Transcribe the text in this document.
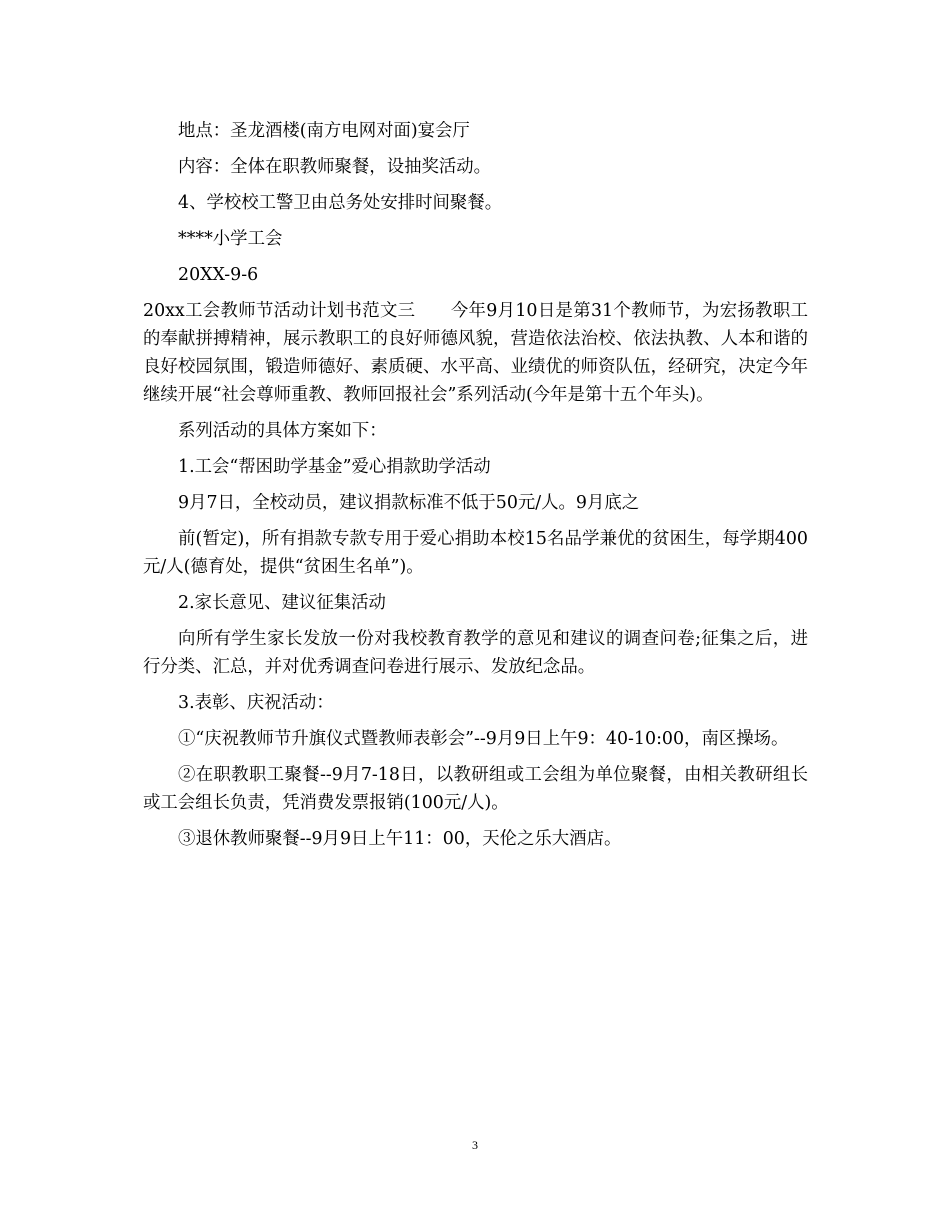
地点：圣龙酒楼(南方电网对面)宴会厅

内容：全体在职教师聚餐，设抽奖活动。

4、学校校工警卫由总务处安排时间聚餐。

****小学工会

20XX-9-6

20xx工会教师节活动计划书范文三　　今年9月10日是第31个教师节，为宏扬教职工的奉献拼搏精神，展示教职工的良好师德风貌，营造依法治校、依法执教、人本和谐的良好校园氛围，锻造师德好、素质硬、水平高、业绩优的师资队伍，经研究，决定今年继续开展“社会尊师重教、教师回报社会”系列活动(今年是第十五个年头)。

系列活动的具体方案如下：

1.工会“帮困助学基金”爱心捐款助学活动

9月7日，全校动员，建议捐款标准不低于50元/人。9月底之

前(暂定)，所有捐款专款专用于爱心捐助本校15名品学兼优的贫困生，每学期400元/人(德育处，提供“贫困生名单”)。

2.家长意见、建议征集活动

向所有学生家长发放一份对我校教育教学的意见和建议的调查问卷;征集之后，进行分类、汇总，并对优秀调查问卷进行展示、发放纪念品。

3.表彰、庆祝活动：

①“庆祝教师节升旗仪式暨教师表彰会”--9月9日上午9：40-10:00，南区操场。

②在职教职工聚餐--9月7-18日，以教研组或工会组为单位聚餐，由相关教研组长或工会组长负责，凭消费发票报销(100元/人)。

③退休教师聚餐--9月9日上午11：00，天伦之乐大酒店。

3
